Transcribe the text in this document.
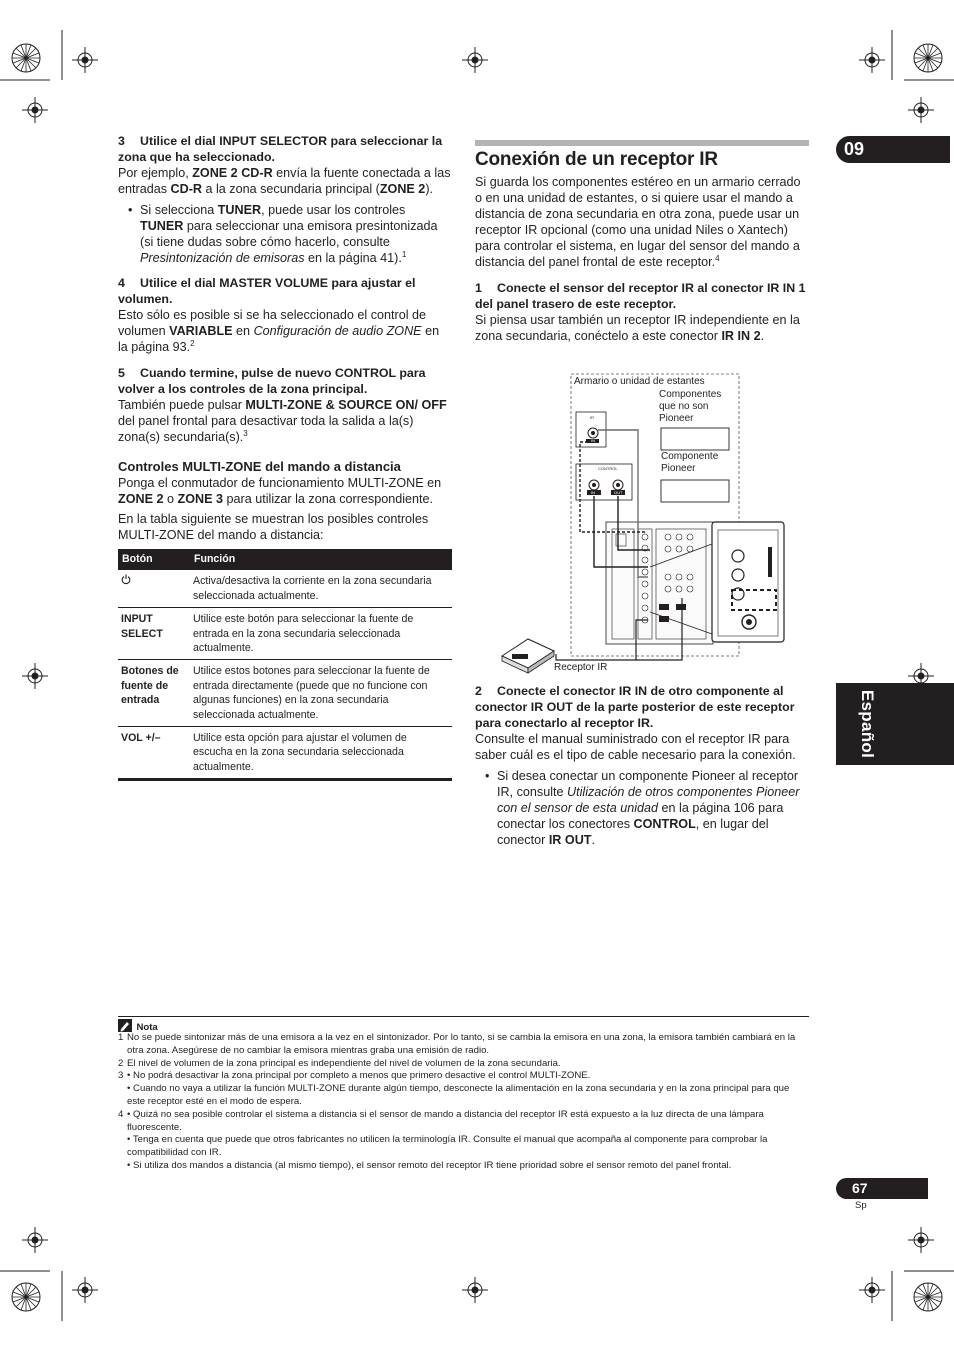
09
Español
67
Sp
3 Utilice el dial INPUT SELECTOR para seleccionar la zona que ha seleccionado.
Por ejemplo, ZONE 2 CD-R envía la fuente conectada a las entradas CD-R a la zona secundaria principal (ZONE 2).
• Si selecciona TUNER, puede usar los controles TUNER para seleccionar una emisora presintonizada (si tiene dudas sobre cómo hacerlo, consulte Presintonización de emisoras en la página 41).$^1$
4 Utilice el dial MASTER VOLUME para ajustar el volumen.
Esto sólo es posible si se ha seleccionado el control de volumen VARIABLE en Configuración de audio ZONE en la página 93.$^2$
5 Cuando termine, pulse de nuevo CONTROL para volver a los controles de la zona principal.
También puede pulsar MULTI-ZONE & SOURCE ON/ OFF del panel frontal para desactivar toda la salida a la(s) zona(s) secundaria(s).$^3$
Controles MULTI-ZONE del mando a distancia
Ponga el conmutador de funcionamiento MULTI-ZONE en ZONE 2 o ZONE 3 para utilizar la zona correspondiente.
En la tabla siguiente se muestran los posibles controles MULTI-ZONE del mando a distancia:
Botón	Función
	Activa/desactiva la corriente en la zona secundaria seleccionada actualmente.
INPUT SELECT	Utilice este botón para seleccionar la fuente de entrada en la zona secundaria seleccionada actualmente.
Botones de fuente de entrada	Utilice estos botones para seleccionar la fuente de entrada directamente (puede que no funcione con algunas funciones) en la zona secundaria seleccionada actualmente.
VOL +/–	Utilice esta opción para ajustar el volumen de escucha en la zona secundaria seleccionada actualmente.
Conexión de un receptor IR
Si guarda los componentes estéreo en un armario cerrado o en una unidad de estantes, o si quiere usar el mando a distancia de zona secundaria en otra zona, puede usar un receptor IR opcional (como una unidad Niles o Xantech) para controlar el sistema, en lugar del sensor del mando a distancia del panel frontal de este receptor.$^4$
1 Conecte el sensor del receptor IR al conector IR IN 1 del panel trasero de este receptor.
Si piensa usar también un receptor IR independiente en la zona secundaria, conéctelo a este conector IR IN 2.
Armario o unidad de estantes
Componentes que no son Pioneer
Componente Pioneer
Receptor IR
IR
IN
CONTROL
IN	OUT
2 Conecte el conector IR IN de otro componente al conector IR OUT de la parte posterior de este receptor para conectarlo al receptor IR.
Consulte el manual suministrado con el receptor IR para saber cuál es el tipo de cable necesario para la conexión.
• Si desea conectar un componente Pioneer al receptor IR, consulte Utilización de otros componentes Pioneer con el sensor de esta unidad en la página 106 para conectar los conectores CONTROL, en lugar del conector IR OUT.
Nota
1 No se puede sintonizar más de una emisora a la vez en el sintonizador. Por lo tanto, si se cambia la emisora en una zona, la emisora también cambiará en la otra zona. Asegúrese de no cambiar la emisora mientras graba una emisión de radio.
2 El nivel de volumen de la zona principal es independiente del nivel de volumen de la zona secundaria.
3 • No podrá desactivar la zona principal por completo a menos que primero desactive el control MULTI-ZONE.
• Cuando no vaya a utilizar la función MULTI-ZONE durante algún tiempo, desconecte la alimentación en la zona secundaria y en la zona principal para que este receptor esté en el modo de espera.
4 • Quizá no sea posible controlar el sistema a distancia si el sensor de mando a distancia del receptor IR está expuesto a la luz directa de una lámpara fluorescente.
• Tenga en cuenta que puede que otros fabricantes no utilicen la terminología IR. Consulte el manual que acompaña al componente para comprobar la compatibilidad con IR.
• Si utiliza dos mandos a distancia (al mismo tiempo), el sensor remoto del receptor IR tiene prioridad sobre el sensor remoto del panel frontal.
